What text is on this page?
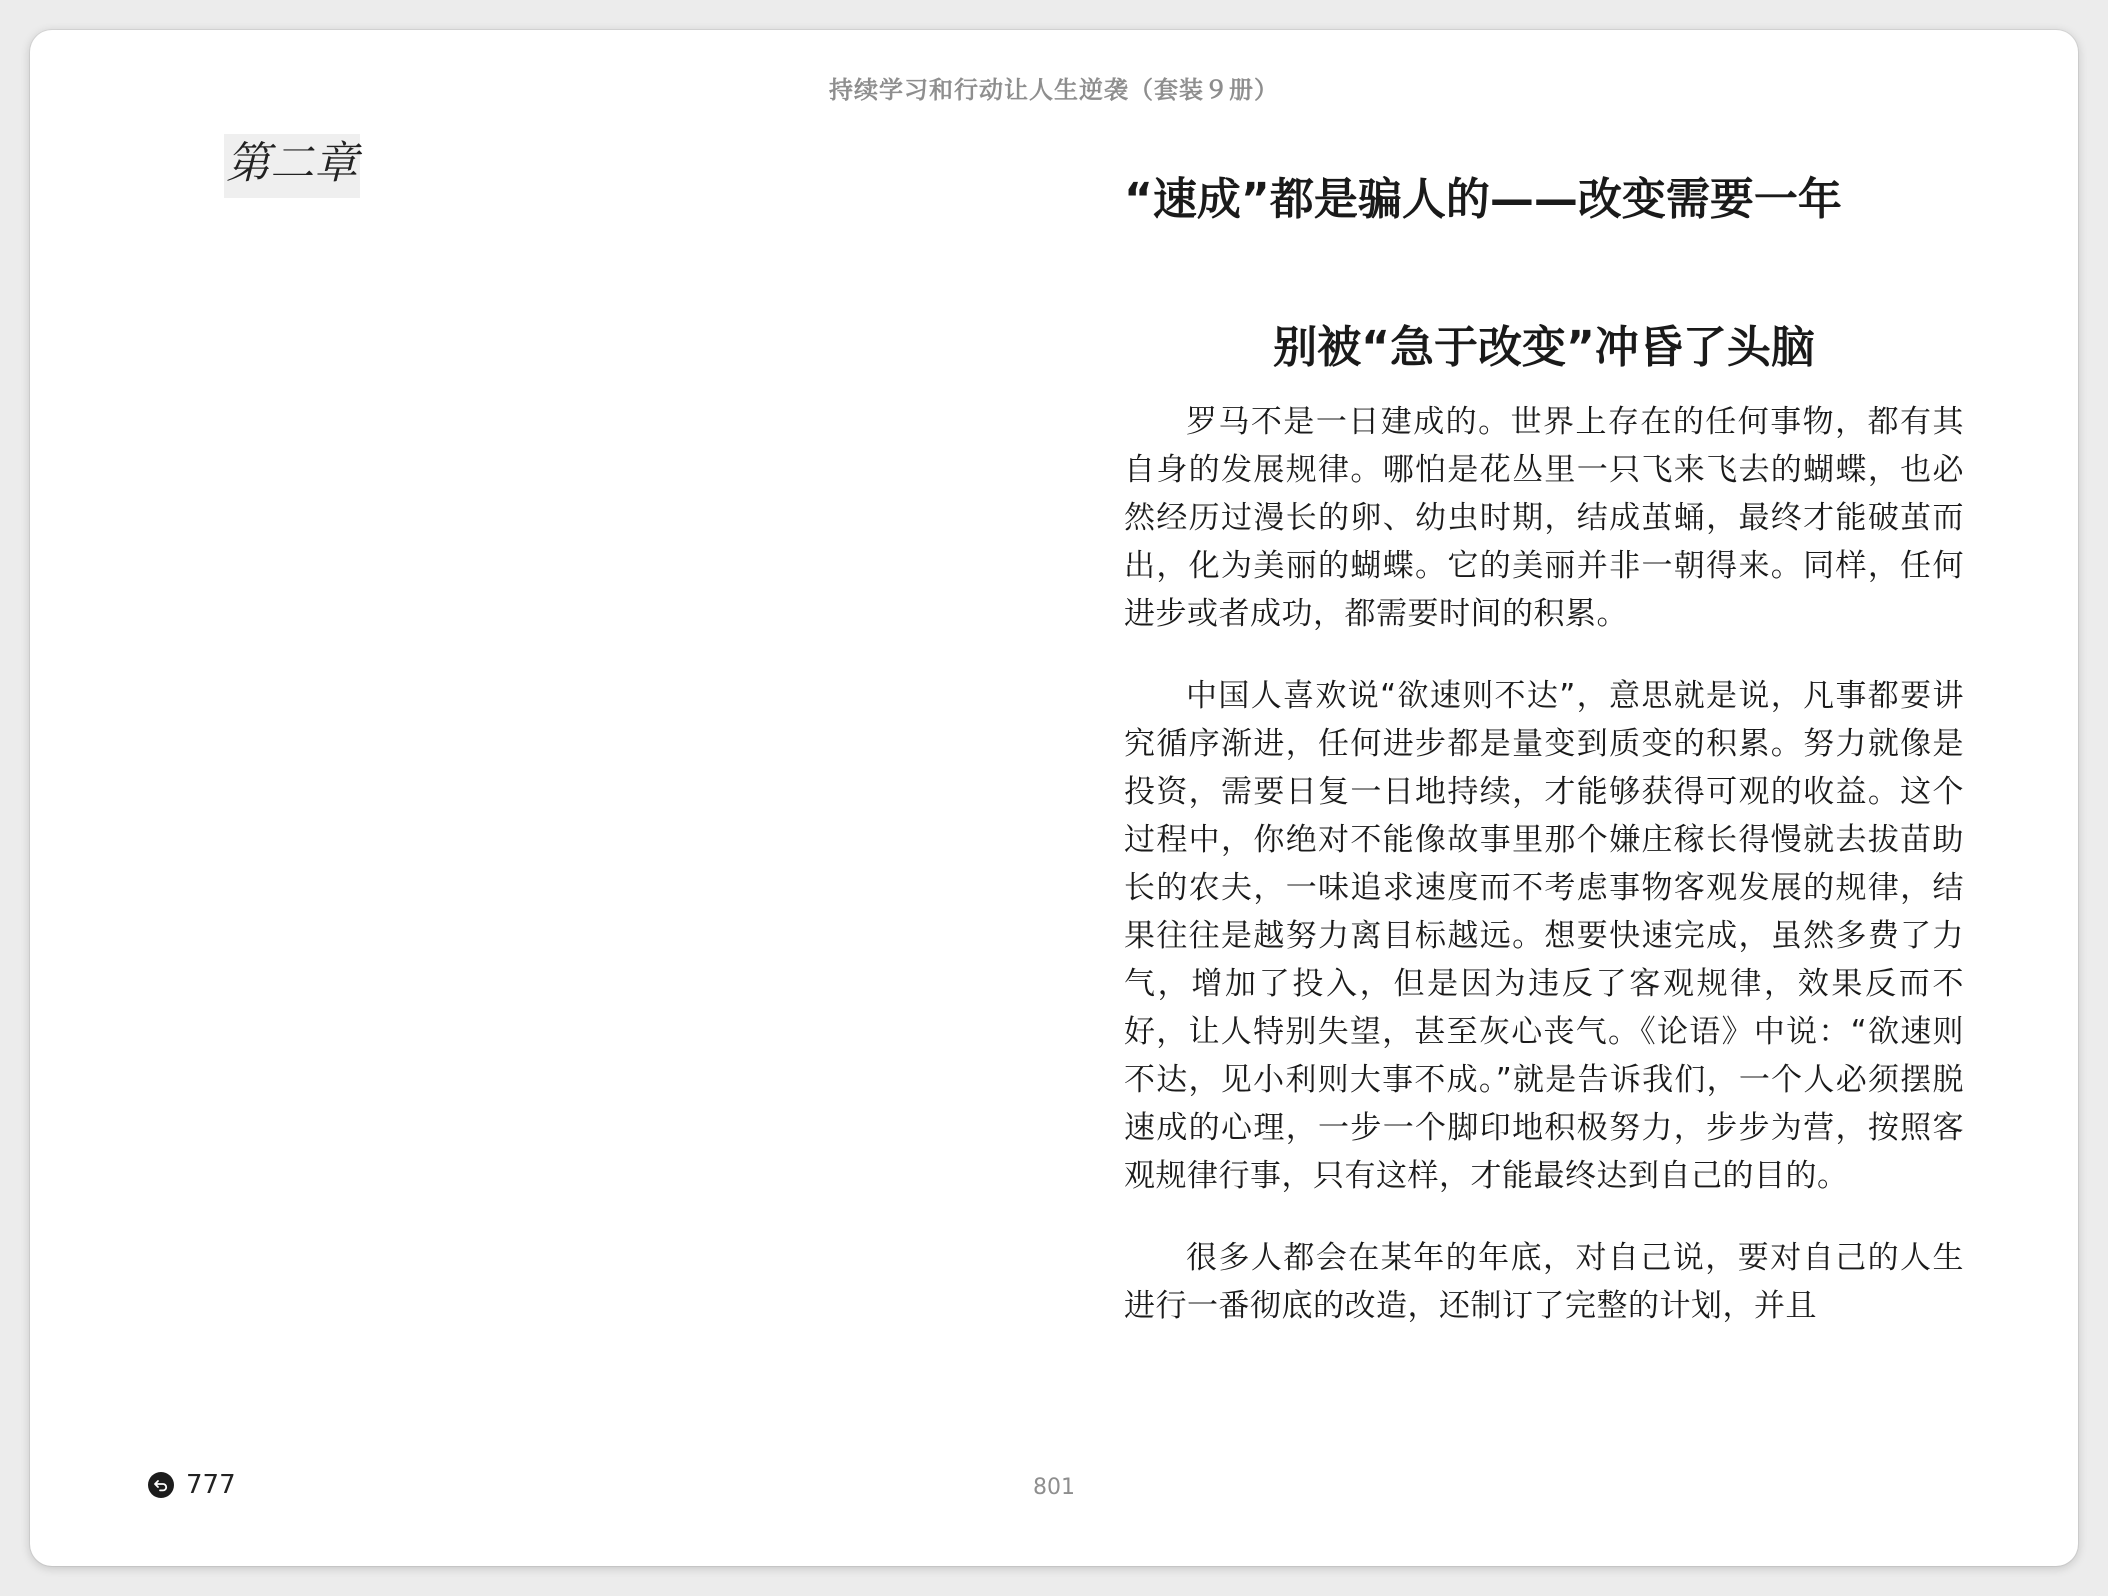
持续学习和行动让人生逆袭（套装９册）
第二章
“速成”都是骗人的——改变需要一年
别被“急于改变”冲昏了头脑

罗马不是一日建成的。世界上存在的任何事物，都有其自身的发展规律。哪怕是花丛里一只飞来飞去的蝴蝶，也必然经历过漫长的卵、幼虫时期，结成茧蛹，最终才能破茧而出，化为美丽的蝴蝶。它的美丽并非一朝得来。同样，任何进步或者成功，都需要时间的积累。

中国人喜欢说“欲速则不达”，意思就是说，凡事都要讲究循序渐进，任何进步都是量变到质变的积累。努力就像是投资，需要日复一日地持续，才能够获得可观的收益。这个过程中，你绝对不能像故事里那个嫌庄稼长得慢就去拔苗助长的农夫，一味追求速度而不考虑事物客观发展的规律，结果往往是越努力离目标越远。想要快速完成，虽然多费了力气，增加了投入，但是因为违反了客观规律，效果反而不好，让人特别失望，甚至灰心丧气。《论语》中说：“欲速则不达，见小利则大事不成。”就是告诉我们，一个人必须摆脱速成的心理，一步一个脚印地积极努力，步步为营，按照客观规律行事，只有这样，才能最终达到自己的目的。

很多人都会在某年的年底，对自己说，要对自己的人生进行一番彻底的改造，还制订了完整的计划，并且

777	801
